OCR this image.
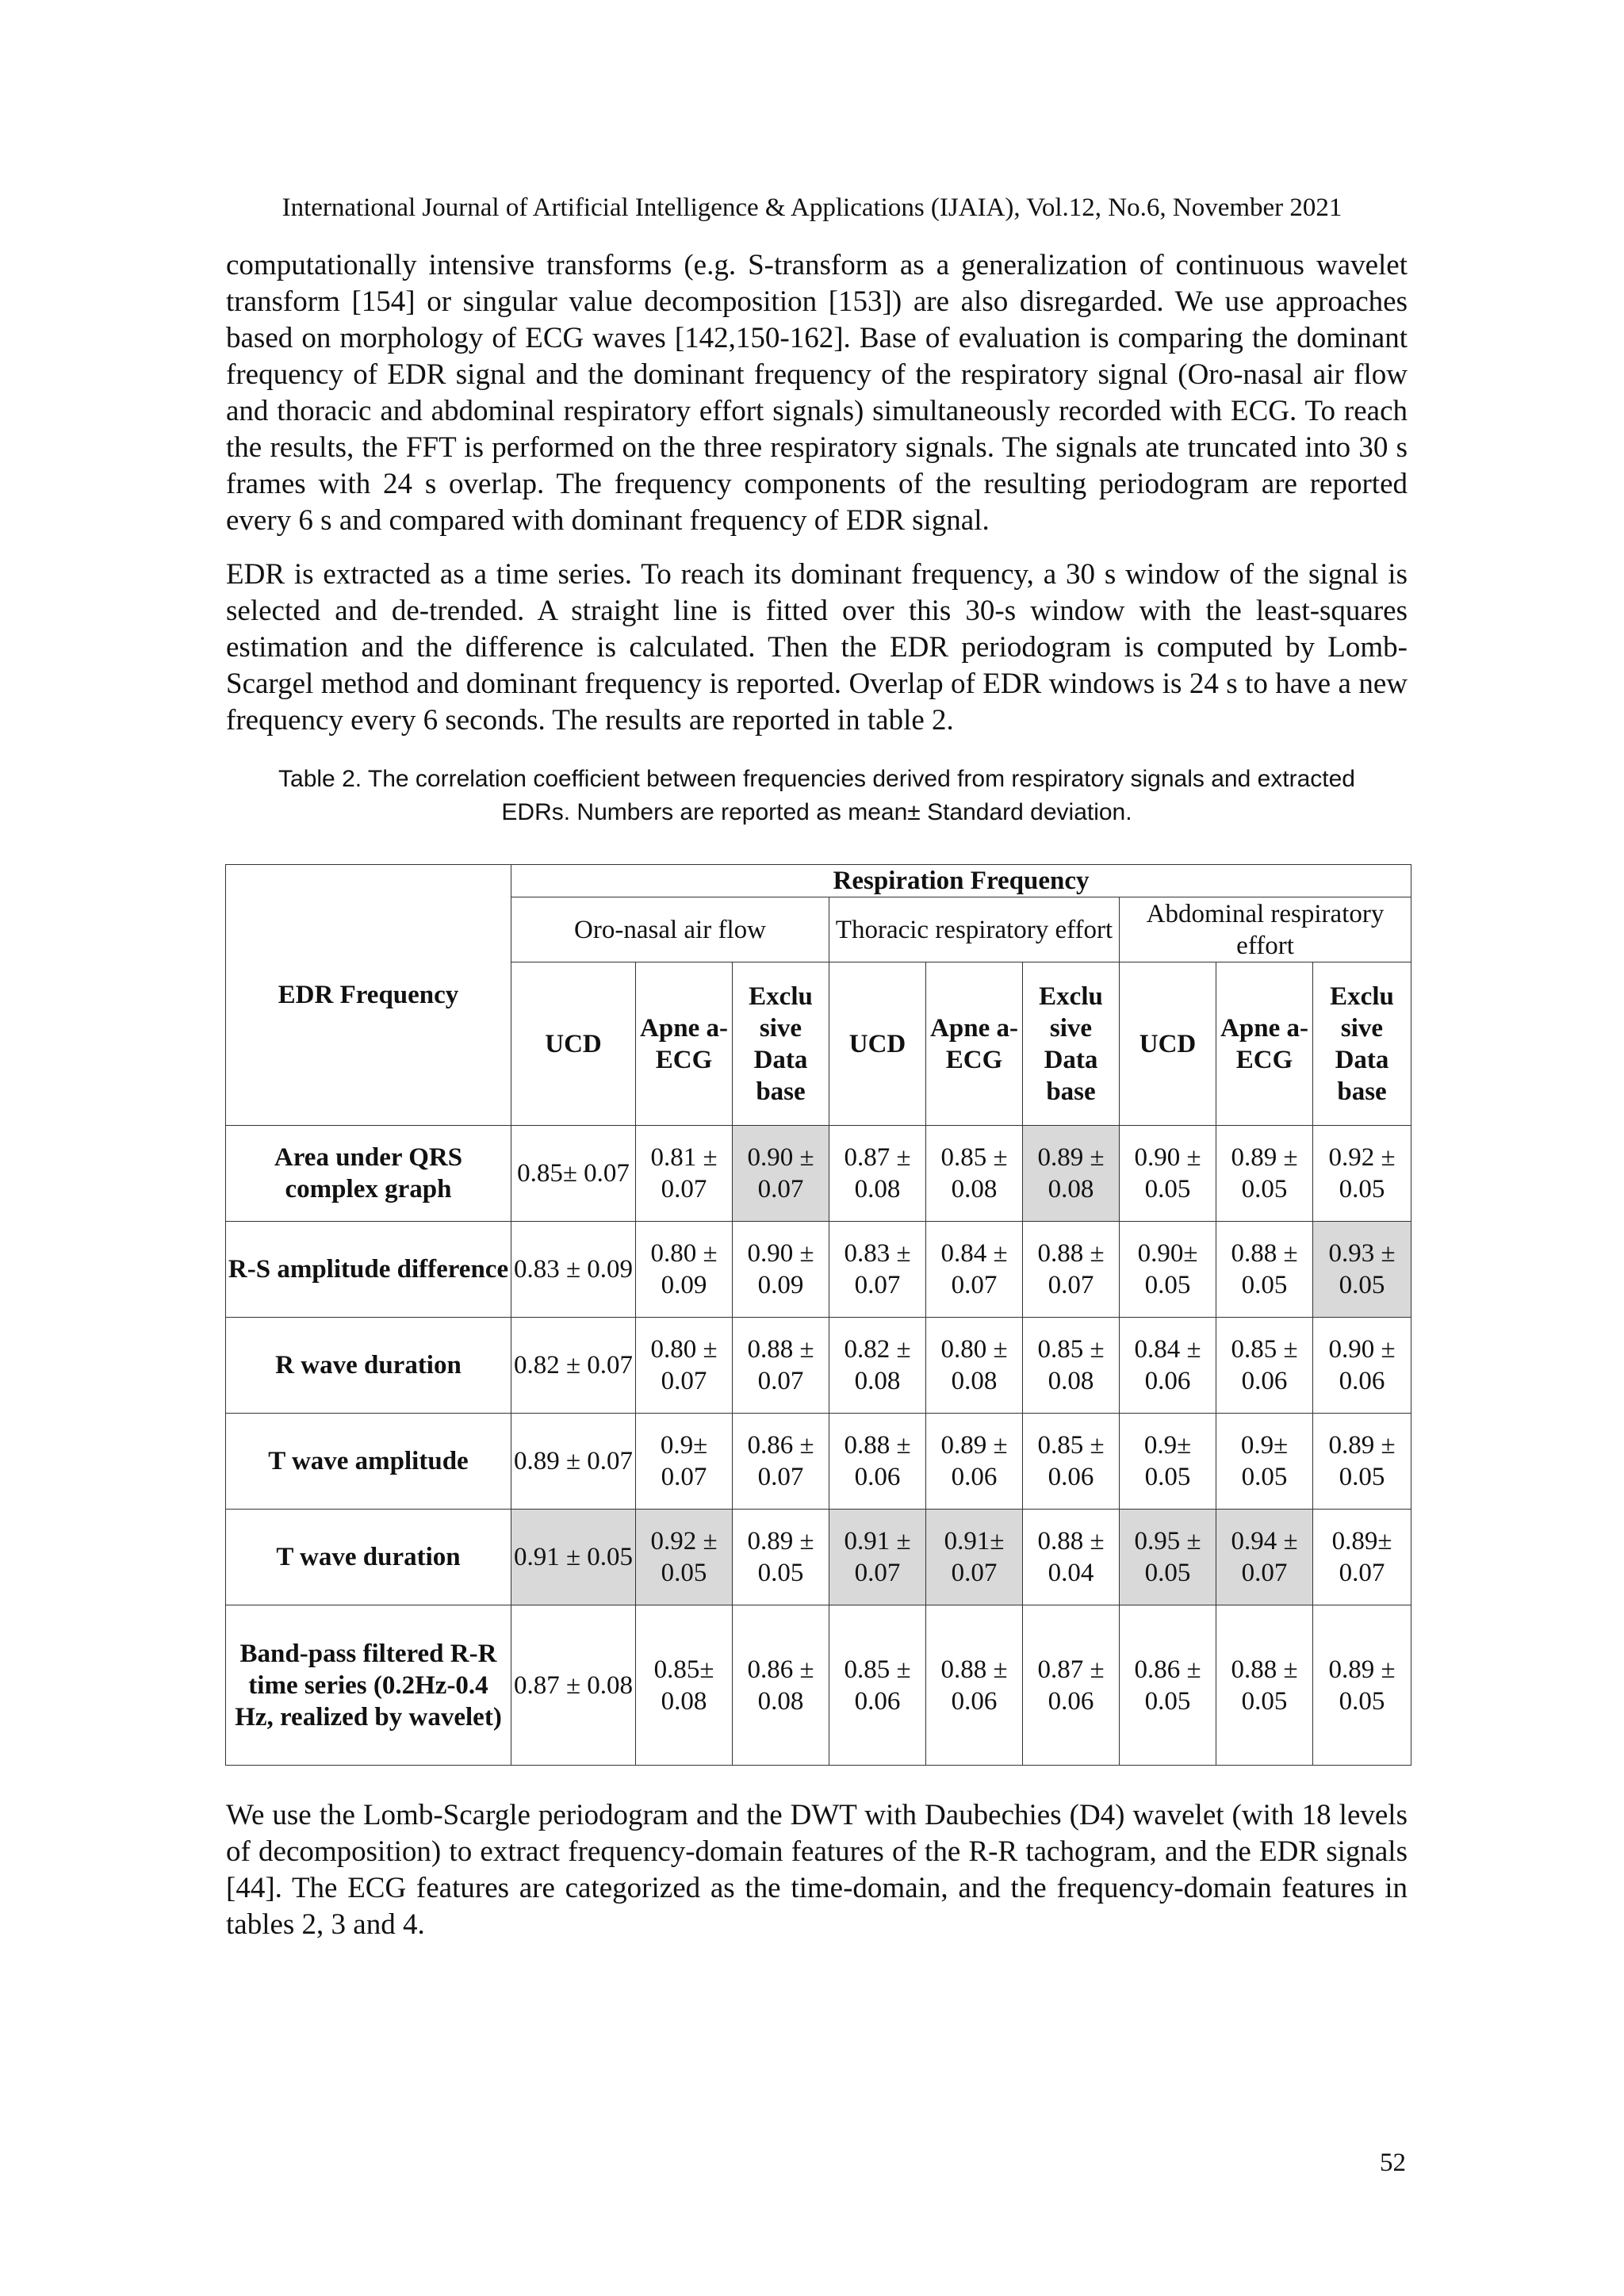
International Journal of Artificial Intelligence & Applications (IJAIA), Vol.12, No.6, November 2021

computationally intensive transforms (e.g. S-transform as a generalization of continuous wavelet transform [154] or singular value decomposition [153]) are also disregarded. We use approaches based on morphology of ECG waves [142,150-162]. Base of evaluation is comparing the dominant frequency of EDR signal and the dominant frequency of the respiratory signal (Oro-nasal air flow and thoracic and abdominal respiratory effort signals) simultaneously recorded with ECG. To reach the results, the FFT is performed on the three respiratory signals. The signals ate truncated into 30 s frames with 24 s overlap. The frequency components of the resulting periodogram are reported every 6 s and compared with dominant frequency of EDR signal.

EDR is extracted as a time series. To reach its dominant frequency, a 30 s window of the signal is selected and de-trended. A straight line is fitted over this 30-s window with the least-squares estimation and the difference is calculated. Then the EDR periodogram is computed by Lomb-Scargel method and dominant frequency is reported. Overlap of EDR windows is 24 s to have a new frequency every 6 seconds. The results are reported in table 2.

Table 2. The correlation coefficient between frequencies derived from respiratory signals and extracted
EDRs. Numbers are reported as mean± Standard deviation.
EDR Frequency	Respiration Frequency								
	Oro-nasal air flow			Thoracic respiratory effort			Abdominal respiratory effort		
	UCD	Apne a- ECG	Exclu sive Data base	UCD	Apne a- ECG	Exclu sive Data base	UCD	Apne a- ECG	Exclu sive Data base
Area under QRS complex graph	0.85± 0.07	0.81 ± 0.07	0.90 ± 0.07	0.87 ± 0.08	0.85 ± 0.08	0.89 ± 0.08	0.90 ± 0.05	0.89 ± 0.05	0.92 ± 0.05
R-S amplitude difference	0.83 ± 0.09	0.80 ± 0.09	0.90 ± 0.09	0.83 ± 0.07	0.84 ± 0.07	0.88 ± 0.07	0.90± 0.05	0.88 ± 0.05	0.93 ± 0.05
R wave duration	0.82 ± 0.07	0.80 ± 0.07	0.88 ± 0.07	0.82 ± 0.08	0.80 ± 0.08	0.85 ± 0.08	0.84 ± 0.06	0.85 ± 0.06	0.90 ± 0.06
T wave amplitude	0.89 ± 0.07	0.9± 0.07	0.86 ± 0.07	0.88 ± 0.06	0.89 ± 0.06	0.85 ± 0.06	0.9± 0.05	0.9± 0.05	0.89 ± 0.05
T wave duration	0.91 ± 0.05	0.92 ± 0.05	0.89 ± 0.05	0.91 ± 0.07	0.91± 0.07	0.88 ± 0.04	0.95 ± 0.05	0.94 ± 0.07	0.89± 0.07
Band-pass filtered R-R time series (0.2Hz-0.4 Hz, realized by wavelet)	0.87 ± 0.08	0.85± 0.08	0.86 ± 0.08	0.85 ± 0.06	0.88 ± 0.06	0.87 ± 0.06	0.86 ± 0.05	0.88 ± 0.05	0.89 ± 0.05

We use the Lomb-Scargle periodogram and the DWT with Daubechies (D4) wavelet (with 18 levels of decomposition) to extract frequency-domain features of the R-R tachogram, and the EDR signals [44]. The ECG features are categorized as the time-domain, and the frequency-domain features in tables 2, 3 and 4.

52
